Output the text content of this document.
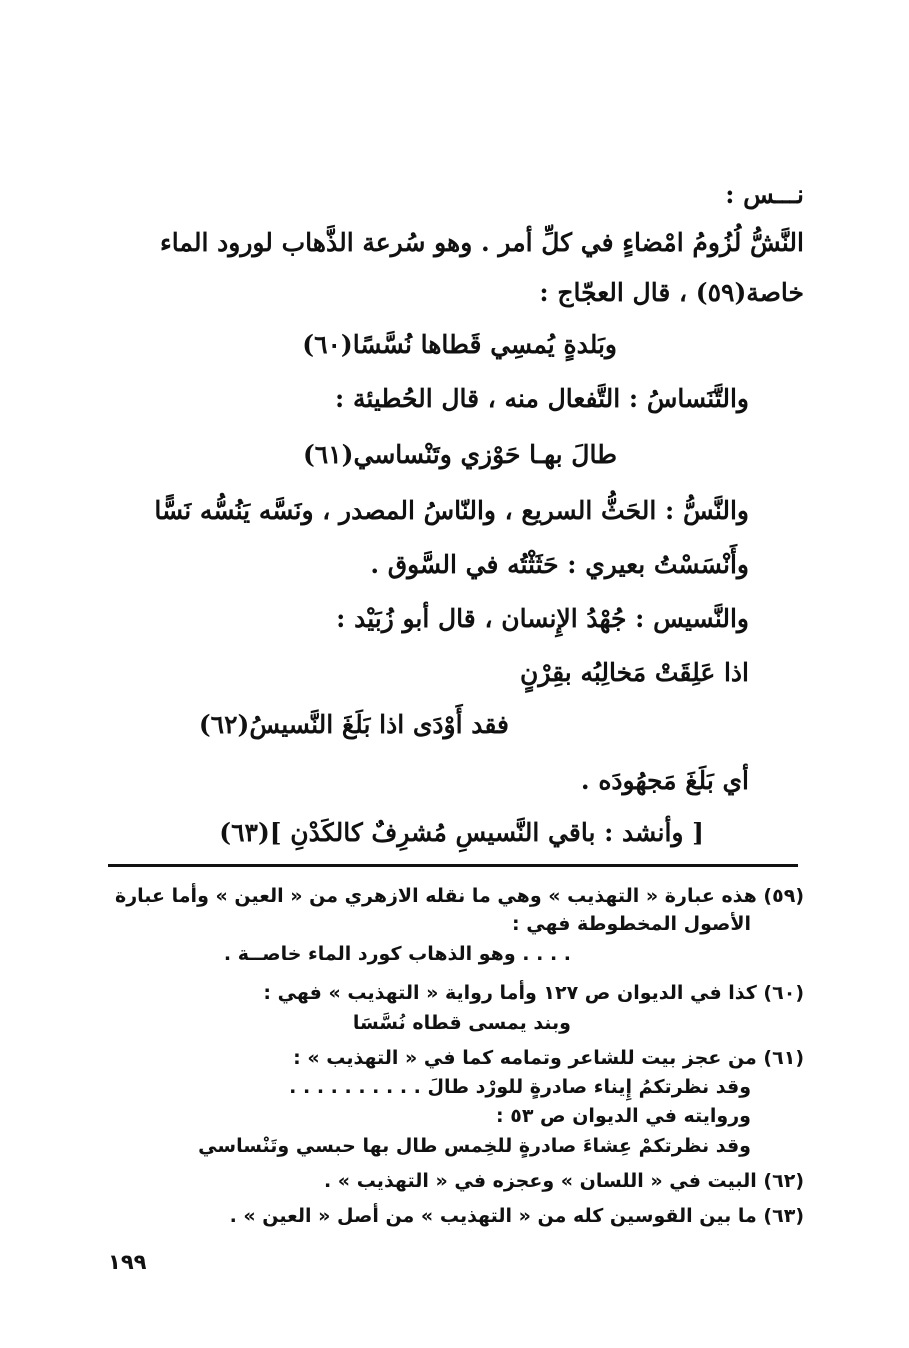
نـــس :
النَّشُّ لُزُومُ امْضاءٍ في كلِّ أمر . وهو سُرعة الذَّهاب لورود الماء
خاصة(٥٩) ، قال العجّاج :
وبَلدةٍ يُمسِي قَطاها نُسَّسًا(٦٠)
والتَّنَساسُ : التَّفعال منه ، قال الحُطيئة :
طالَ بهـا حَوْزي وتَنْساسي(٦١)
والنَّسُّ : الحَثُّ السريع ، والنّاسُ المصدر ، ونَسَّه يَنُسُّه نَسًّا
وأَنْسَسْتُ بعيري : حَثَثْتُه في السَّوق .
والنَّسيس : جُهْدُ الإِنسان ، قال أبو زُبَيْد :
اذا عَلِقَتْ مَخالِبُه بقِرْنٍ
فقد أَوْدَى اذا بَلَغَ النَّسيسُ(٦٢)
أي بَلَغَ مَجهُودَه .
[ وأنشد : باقي النَّسيسِ مُشرِفٌ كالكَدْنِ ](٦٣)
(٥٩) هذه عبارة « التهذيب » وهي ما نقله الازهري من « العين » وأما عبارة
الأصول المخطوطة فهي :
. . . . وهو الذهاب كورد الماء خاصــة .
(٦٠) كذا في الديوان ص ١٢٧ وأما رواية « التهذيب » فهي :
وبند يمسى قطاه نُسَّسَا
(٦١) من عجز بيت للشاعر وتمامه كما في « التهذيب » :
وقد نظرتكمُ إِيناء صادرةٍ للورْد طالَ . . . . . . . . . .
وروايته في الديوان ص ٥٣ :
وقد نظرتكمْ عِشاءَ صادرةٍ للخِمس طال بها حبسي وتَنْساسي
(٦٢) البيت في « اللسان » وعجزه في « التهذيب » .
(٦٣) ما بين القوسين كله من « التهذيب » من أصل « العين » .
١٩٩
